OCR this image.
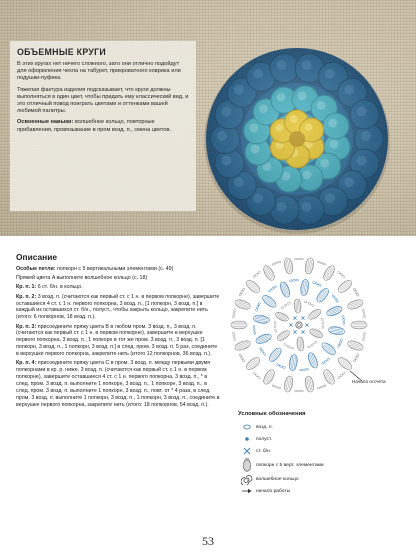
ОБЪЕМНЫЕ КРУГИ

В этих кругах нет ничего сложного, зато они отлично подойдут для оформления чехла на табурет, прикроватного коврика или подушки-пуфика.

Тяжелая фактура изделия подсказывает, что круги должны выполняться в один цвет, чтобы придать ему классический вид, и это отличный повод поиграть цветами и оттенками вашей любимой палитры.

Освоенные навыки: волшебное кольцо, повторные прибавления, провязывание в пром возд. п., смена цветов.

Описание

Особые петли: попкорн с 5 вертикальными элементами (с. 49)

Пряжей цвета A выполните волшебное кольцо (с. 18)

Кр. п. 1: 6 ст. б/н. в кольцо.

Кр. п. 2: 3 возд. п. (считаются как первый ст. с 1 н. в первом попкорне), завершите оставшиеся 4 ст. с 1 н. первого попкорна, 3 возд. п., [1 попкорн, 3 возд. п.] в каждый из оставшихся ст. б/н., полуст., чтобы закрыть кольцо, закрепите нить (итого: 6 попкорнов, 18 возд. п.).

Кр. п. 3: присоедините пряжу цвета B в любом пром. 3 возд. п., 3 возд. п. (считаются как первый ст. с 1 н. в первом попкорне), завершите в верхушке первого попкорна, 3 возд. п., 1 попкорн в тот же пром. 3 возд. п., 3 возд. п. [1 попкорн, 3 возд. п., 1 попкорн, 3 возд. п.] в след. пром. 3 возд. п. 5 раз, соедините в верхушке первого попкорна, закрепите нить (итого 12 попкорнов, 36 возд. п.).

Кр. п. 4: присоедините пряжу цвета C в пром. 3 возд. п. между первыми двумя попкорнами в кр. р. ниже, 3 возд. п. (считаются как первый ст. с 1 н. в первом попкорне), завершите оставшиеся 4 ст. с 1 н. первого попкорна, 3 возд. п., * в след. пром. 3 возд. п. выполните 1 попкорн, 3 возд. п., 1 попкорн, 3 возд. п., в след. пром. 3 возд. п. выполните 1 попкорн, 3 возд. п., повт. от * 4 раза, в след. пром. 3 возд. п. выполните 1 попкорн, 3 возд. п., 1 попкорн, 3 возд. п., соедините в верхушке первого попкорна, закрепите нить (итого: 18 попкорнов, 54 возд. п.).

Начало отсчёта
Условные обозначения
возд. п.
полуст.
ст. б/н.
попкорн с 5 верт. элементами
волшебное кольцо
начало работы
53
